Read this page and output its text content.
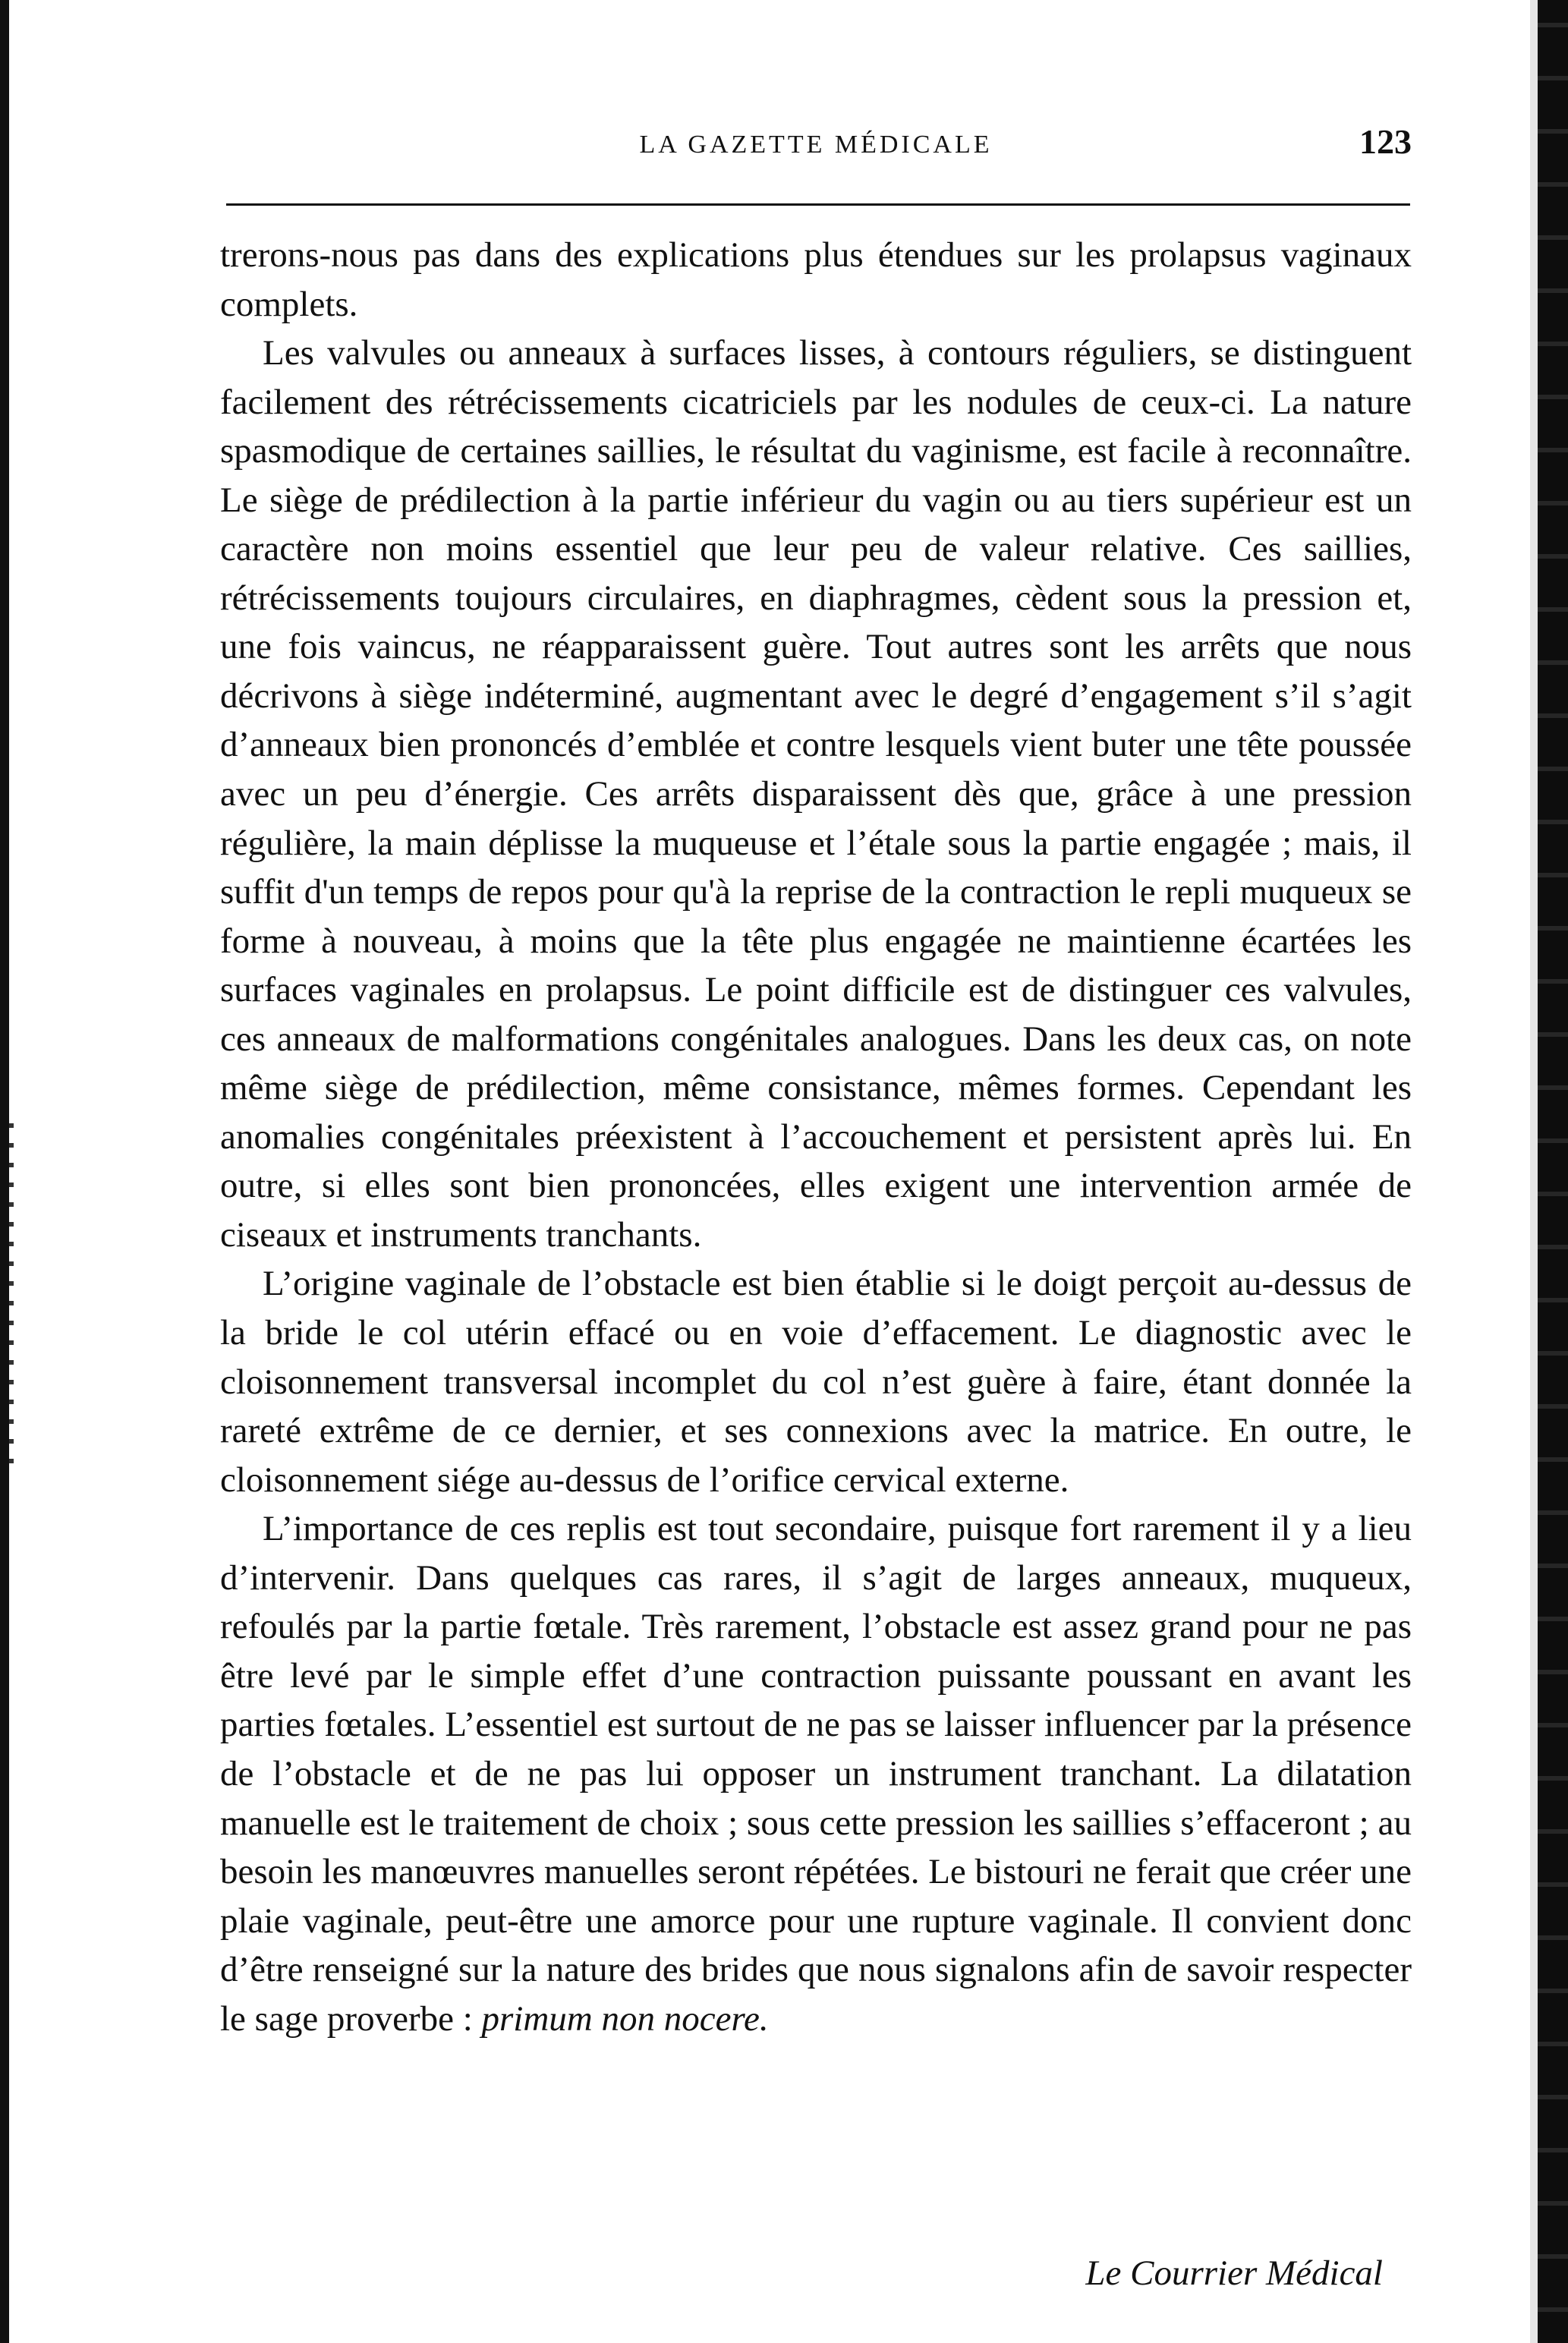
LA GAZETTE MÉDICALE	123

trerons-nous pas dans des explications plus étendues sur les prolapsus vaginaux complets.

Les valvules ou anneaux à surfaces lisses, à contours réguliers, se distinguent facilement des rétrécissements cicatriciels par les nodules de ceux-ci. La nature spasmodique de certaines saillies, le résultat du vaginisme, est facile à reconnaître. Le siège de prédilection à la partie inférieur du vagin ou au tiers supérieur est un caractère non moins essentiel que leur peu de valeur relative. Ces saillies, rétrécissements toujours circulaires, en diaphragmes, cèdent sous la pression et, une fois vaincus, ne réapparaissent guère. Tout autres sont les arrêts que nous décrivons à siège indéterminé, augmentant avec le degré d’engagement s’il s’agit d’anneaux bien prononcés d’emblée et contre lesquels vient buter une tête poussée avec un peu d’énergie. Ces arrêts disparaissent dès que, grâce à une pression régulière, la main déplisse la muqueuse et l’étale sous la partie engagée ; mais, il suffit d'un temps de repos pour qu'à la reprise de la contraction le repli muqueux se forme à nouveau, à moins que la tête plus engagée ne maintienne écartées les surfaces vaginales en prolapsus. Le point difficile est de distinguer ces valvules, ces anneaux de malformations congénitales analogues. Dans les deux cas, on note même siège de prédilection, même consistance, mêmes formes. Cependant les anomalies congénitales préexistent à l’accouchement et persistent après lui. En outre, si elles sont bien prononcées, elles exigent une intervention armée de ciseaux et instruments tranchants.

L’origine vaginale de l’obstacle est bien établie si le doigt perçoit au-dessus de la bride le col utérin effacé ou en voie d’effacement. Le diagnostic avec le cloisonnement transversal incomplet du col n’est guère à faire, étant donnée la rareté extrême de ce dernier, et ses connexions avec la matrice. En outre, le cloisonnement siége au-dessus de l’orifice cervical externe.

L’importance de ces replis est tout secondaire, puisque fort rarement il y a lieu d’intervenir. Dans quelques cas rares, il s’agit de larges anneaux, muqueux, refoulés par la partie fœtale. Très rarement, l’obstacle est assez grand pour ne pas être levé par le simple effet d’une contraction puissante poussant en avant les parties fœtales. L’essentiel est surtout de ne pas se laisser influencer par la présence de l’obstacle et de ne pas lui opposer un instrument tranchant. La dilatation manuelle est le traitement de choix ; sous cette pression les saillies s’effaceront ; au besoin les manœuvres manuelles seront répétées. Le bistouri ne ferait que créer une plaie vaginale, peut-être une amorce pour une rupture vaginale. Il convient donc d’être renseigné sur la nature des brides que nous signalons afin de savoir respecter le sage proverbe : primum non nocere.

Le Courrier Médical
